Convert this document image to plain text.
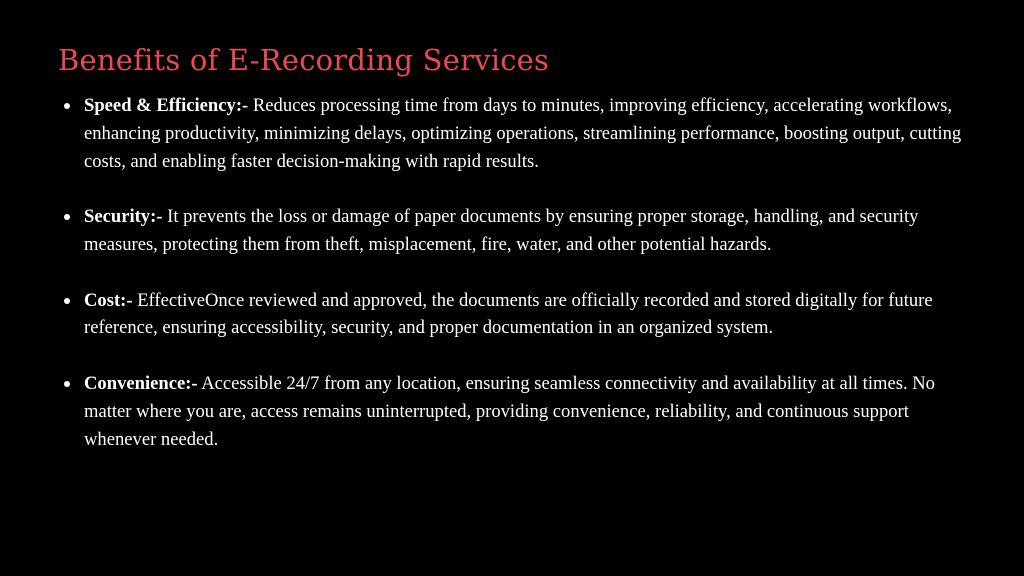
Benefits of E-Recording Services
Speed & Efficiency:- Reduces processing time from days to minutes, improving efficiency, accelerating workflows, enhancing productivity, minimizing delays, optimizing operations, streamlining performance, boosting output, cutting costs, and enabling faster decision-making with rapid results.
Security:- It prevents the loss or damage of paper documents by ensuring proper storage, handling, and security measures, protecting them from theft, misplacement, fire, water, and other potential hazards.
Cost:- EffectiveOnce reviewed and approved, the documents are officially recorded and stored digitally for future reference, ensuring accessibility, security, and proper documentation in an organized system.
Convenience:- Accessible 24/7 from any location, ensuring seamless connectivity and availability at all times. No matter where you are, access remains uninterrupted, providing convenience, reliability, and continuous support whenever needed.
